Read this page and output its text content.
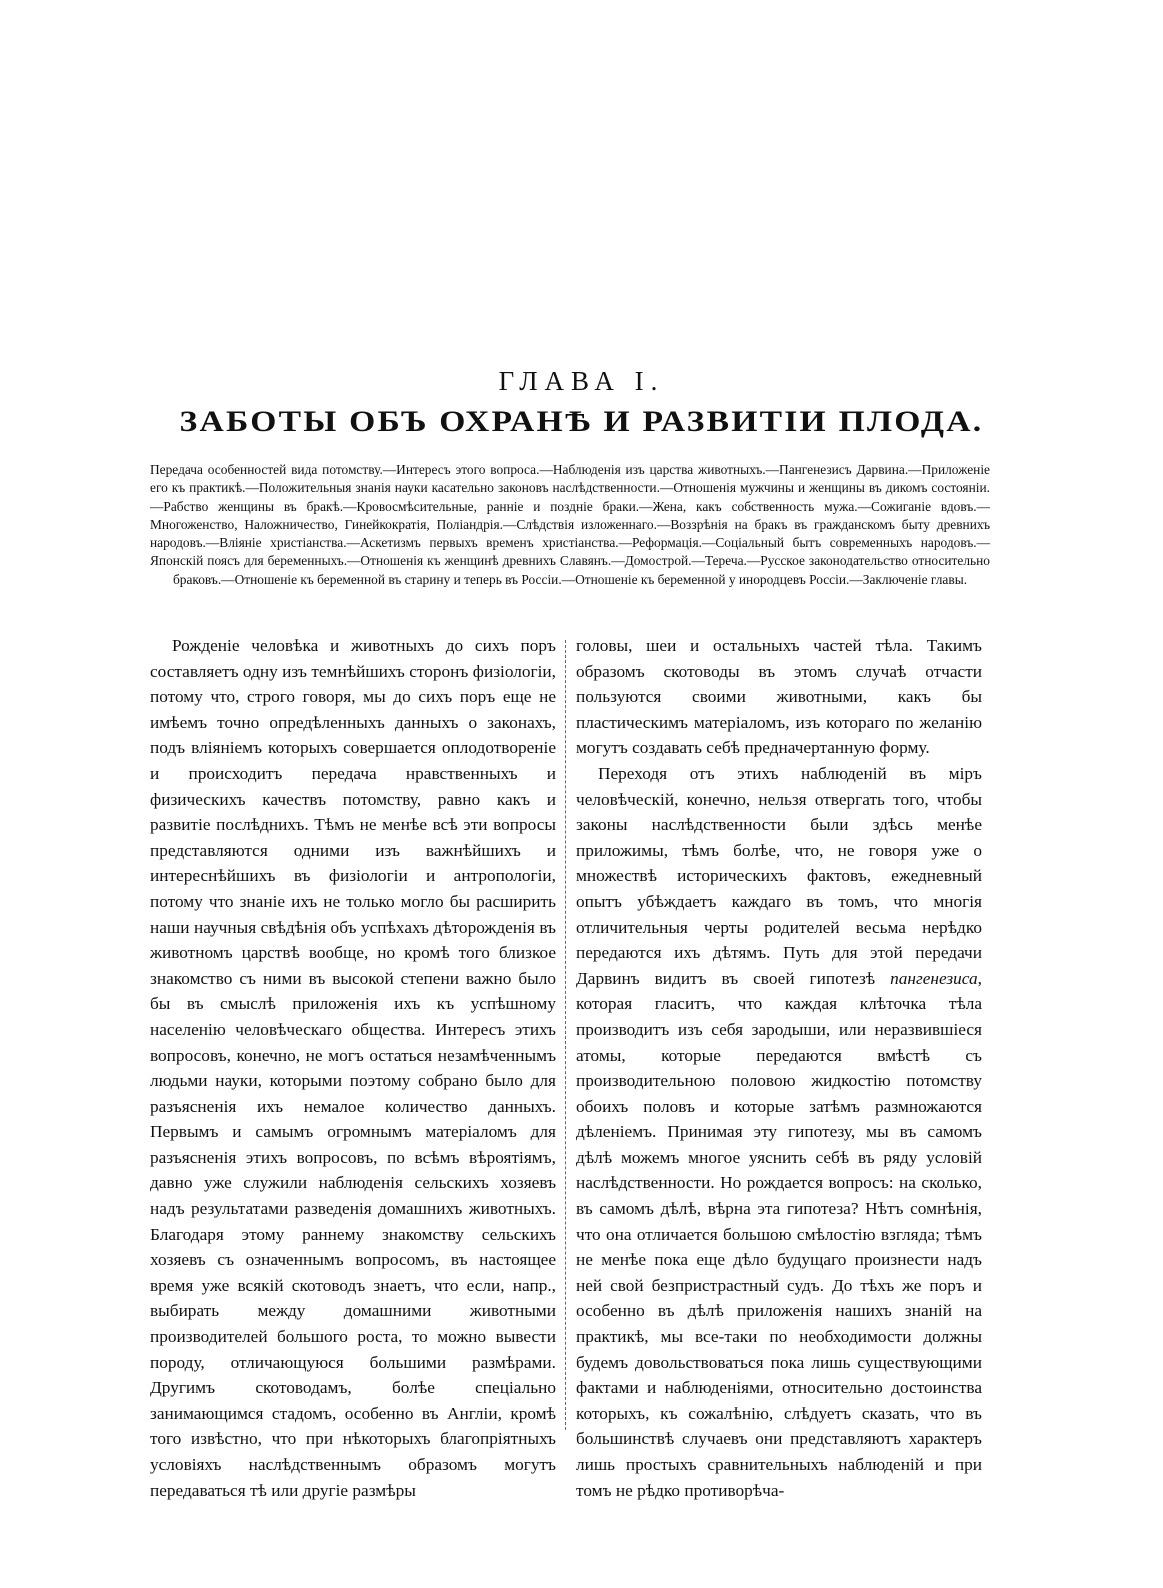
ГЛАВА I.
ЗАБОТЫ ОБЪ ОХРАНѢ И РАЗВИТІИ ПЛОДА.

Передача особенностей вида потомству.—Интересъ этого вопроса.—Наблюденія изъ царства животныхъ.—Пангенезисъ Дарвина.—Приложеніе его къ практикѣ.—Положительныя знанія науки касательно законовъ наслѣдственности.—Отношенія мужчины и женщины въ дикомъ состояніи.—Рабство женщины въ бракѣ.—Кровосмѣсительные, ранніе и поздніе браки.—Жена, какъ собственность мужа.—Сожиганіе вдовъ.—Многоженство, Наложничество, Гинейкократія, Поліандрія.—Слѣдствія изложеннаго.—Воззрѣнія на бракъ въ гражданскомъ быту древнихъ народовъ.—Вліяніе христіанства.—Аскетизмъ первыхъ временъ христіанства.—Реформація.—Соціальный бытъ современныхъ народовъ.—Японскій поясъ для беременныхъ.—Отношенія къ женщинѣ древнихъ Славянъ.—Домострой.—Тереча.—Русское законодательство относительно браковъ.—Отношеніе къ беременной въ старину и теперь въ Россіи.—Отношеніе къ беременной у инородцевъ Россіи.—Заключеніе главы.

Рожденіе человѣка и животныхъ до сихъ поръ составляетъ одну изъ темнѣйшихъ сторонъ физіологіи, потому что, строго говоря, мы до сихъ поръ еще не имѣемъ точно опредѣленныхъ данныхъ о законахъ, подъ вліяніемъ которыхъ совершается оплодотвореніе и происходитъ передача нравственныхъ и физическихъ качествъ потомству, равно какъ и развитіе послѣднихъ. Тѣмъ не менѣе всѣ эти вопросы представляются одними изъ важнѣйшихъ и интереснѣйшихъ въ физіологіи и антропологіи, потому что знаніе ихъ не только могло бы расширить наши научныя свѣдѣнія объ успѣхахъ дѣторожденія въ животномъ царствѣ вообще, но кромѣ того близкое знакомство съ ними въ высокой степени важно было бы въ смыслѣ приложенія ихъ къ успѣшному населенію человѣческаго общества. Интересъ этихъ вопросовъ, конечно, не могъ остаться незамѣченнымъ людьми науки, которыми поэтому собрано было для разъясненія ихъ немалое количество данныхъ. Первымъ и самымъ огромнымъ матеріаломъ для разъясненія этихъ вопросовъ, по всѣмъ вѣроятіямъ, давно уже служили наблюденія сельскихъ хозяевъ надъ результатами разведенія домашнихъ животныхъ. Благодаря этому раннему знакомству сельскихъ хозяевъ съ означеннымъ вопросомъ, въ настоящее время уже всякій скотоводъ знаетъ, что если, напр., выбирать между домашними животными производителей большого роста, то можно вывести породу, отличающуюся большими размѣрами. Другимъ скотоводамъ, болѣе спеціально занимающимся стадомъ, особенно въ Англіи, кромѣ того извѣстно, что при нѣкоторыхъ благопріятныхъ условіяхъ наслѣдственнымъ образомъ могутъ передаваться тѣ или другіе размѣры

головы, шеи и остальныхъ частей тѣла. Такимъ образомъ скотоводы въ этомъ случаѣ отчасти пользуются своими животными, какъ бы пластическимъ матеріаломъ, изъ котораго по желанію могутъ создавать себѣ предначертанную форму.

Переходя отъ этихъ наблюденій въ міръ человѣческій, конечно, нельзя отвергать того, чтобы законы наслѣдственности были здѣсь менѣе приложимы, тѣмъ болѣе, что, не говоря уже о множествѣ историческихъ фактовъ, ежедневный опытъ убѣждаетъ каждаго въ томъ, что многія отличительныя черты родителей весьма нерѣдко передаются ихъ дѣтямъ. Путь для этой передачи Дарвинъ видитъ въ своей гипотезѣ пангенезиса, которая гласитъ, что каждая клѣточка тѣла производитъ изъ себя зародыши, или неразвившіеся атомы, которые передаются вмѣстѣ съ производительною половою жидкостію потомству обоихъ половъ и которые затѣмъ размножаются дѣленіемъ. Принимая эту гипотезу, мы въ самомъ дѣлѣ можемъ многое уяснить себѣ въ ряду условій наслѣдственности. Но рождается вопросъ: на сколько, въ самомъ дѣлѣ, вѣрна эта гипотеза? Нѣтъ сомнѣнія, что она отличается большою смѣлостію взгляда; тѣмъ не менѣе пока еще дѣло будущаго произнести надъ ней свой безпристрастный судъ. До тѣхъ же поръ и особенно въ дѣлѣ приложенія нашихъ знаній на практикѣ, мы все-таки по необходимости должны будемъ довольствоваться пока лишь существующими фактами и наблюденіями, относительно достоинства которыхъ, къ сожалѣнію, слѣдуетъ сказать, что въ большинствѣ случаевъ они представляютъ характеръ лишь простыхъ сравнительныхъ наблюденій и при томъ не рѣдко противорѣча-
